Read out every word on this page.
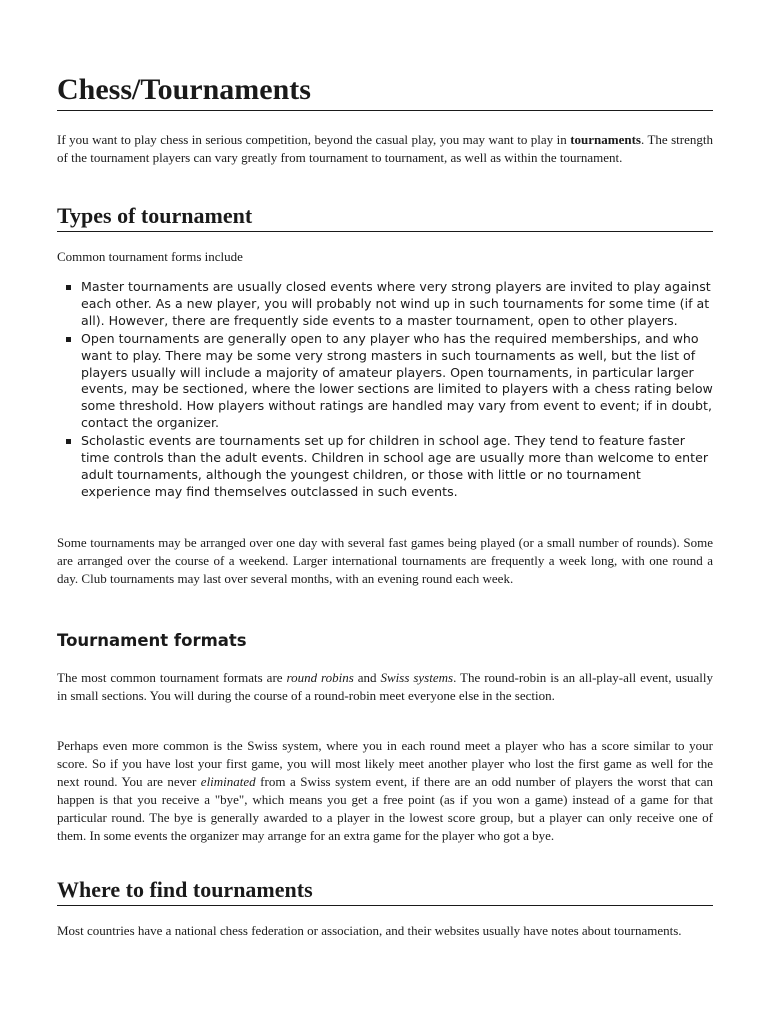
Chess/Tournaments

If you want to play chess in serious competition, beyond the casual play, you may want to play in tournaments. The strength of the tournament players can vary greatly from tournament to tournament, as well as within the tournament.

Types of tournament

Common tournament forms include

Master tournaments are usually closed events where very strong players are invited to play against each other. As a new player, you will probably not wind up in such tournaments for some time (if at all). However, there are frequently side events to a master tournament, open to other players.
Open tournaments are generally open to any player who has the required memberships, and who want to play. There may be some very strong masters in such tournaments as well, but the list of players usually will include a majority of amateur players. Open tournaments, in particular larger events, may be sectioned, where the lower sections are limited to players with a chess rating below some threshold. How players without ratings are handled may vary from event to event; if in doubt, contact the organizer.
Scholastic events are tournaments set up for children in school age. They tend to feature faster time controls than the adult events. Children in school age are usually more than welcome to enter adult tournaments, although the youngest children, or those with little or no tournament experience may find themselves outclassed in such events.

Some tournaments may be arranged over one day with several fast games being played (or a small number of rounds). Some are arranged over the course of a weekend. Larger international tournaments are frequently a week long, with one round a day. Club tournaments may last over several months, with an evening round each week.

Tournament formats

The most common tournament formats are round robins and Swiss systems. The round-robin is an all-play-all event, usually in small sections. You will during the course of a round-robin meet everyone else in the section.

Perhaps even more common is the Swiss system, where you in each round meet a player who has a score similar to your score. So if you have lost your first game, you will most likely meet another player who lost the first game as well for the next round. You are never eliminated from a Swiss system event, if there are an odd number of players the worst that can happen is that you receive a "bye", which means you get a free point (as if you won a game) instead of a game for that particular round. The bye is generally awarded to a player in the lowest score group, but a player can only receive one of them. In some events the organizer may arrange for an extra game for the player who got a bye.

Where to find tournaments

Most countries have a national chess federation or association, and their websites usually have notes about tournaments.
